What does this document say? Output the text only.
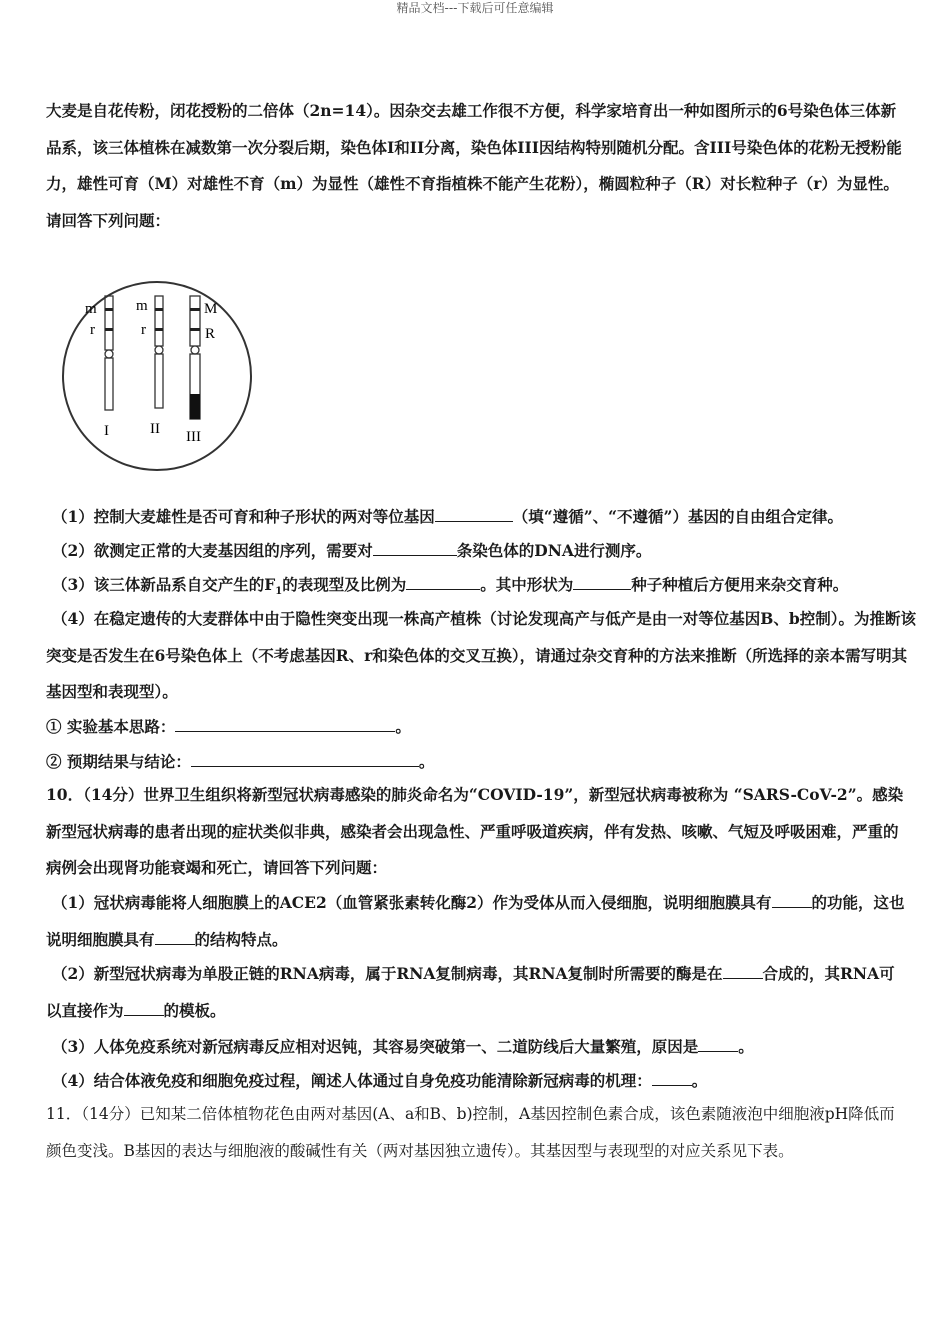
精品文档---下载后可任意编辑

大麦是自花传粉，闭花授粉的二倍体（2n=14）。因杂交去雄工作很不方便，科学家培育出一种如图所示的6号染色体三体新品系，该三体植株在减数第一次分裂后期，染色体I和II分离，染色体III因结构特别随机分配。含III号染色体的花粉无授粉能力，雄性可育（M）对雄性不育（m）为显性（雄性不育指植株不能产生花粉），椭圆粒种子（R）对长粒种子（r）为显性。请回答下列问题：

m
r
I
m
r
II
M
R
III

（1）控制大麦雄性是否可育和种子形状的两对等位基因	（填“遵循”、“不遵循”）基因的自由组合定律。

（2）欲测定正常的大麦基因组的序列，需要对	条染色体的DNA进行测序。

（3）该三体新品系自交产生的$F_1$的表现型及比例为	。其中形状为	种子种植后方便用来杂交育种。

（4）在稳定遗传的大麦群体中由于隐性突变出现一株高产植株（讨论发现高产与低产是由一对等位基因B、b控制）。为推断该突变是否发生在6号染色体上（不考虑基因R、r和染色体的交叉互换），请通过杂交育种的方法来推断（所选择的亲本需写明其基因型和表现型）。

① 实验基本思路：	。

② 预期结果与结论：	。

10．（14分）世界卫生组织将新型冠状病毒感染的肺炎命名为“COVID-19”，新型冠状病毒被称为 “SARS-CoV-2”。感染新型冠状病毒的患者出现的症状类似非典，感染者会出现急性、严重呼吸道疾病，伴有发热、咳嗽、气短及呼吸困难，严重的病例会出现肾功能衰竭和死亡，请回答下列问题：

（1）冠状病毒能将人细胞膜上的ACE2（血管紧张素转化酶2）作为受体从而入侵细胞，说明细胞膜具有	的功能，这也说明细胞膜具有	的结构特点。

（2）新型冠状病毒为单股正链的RNA病毒，属于RNA复制病毒，其RNA复制时所需要的酶是在	合成的，其RNA可以直接作为	的模板。

（3）人体免疫系统对新冠病毒反应相对迟钝，其容易突破第一、二道防线后大量繁殖，原因是	。

（4）结合体液免疫和细胞免疫过程，阐述人体通过自身免疫功能清除新冠病毒的机理：	。

11．（14分）已知某二倍体植物花色由两对基因(A、a和B、b)控制，A基因控制色素合成，该色素随液泡中细胞液pH降低而颜色变浅。B基因的表达与细胞液的酸碱性有关（两对基因独立遗传）。其基因型与表现型的对应关系见下表。
